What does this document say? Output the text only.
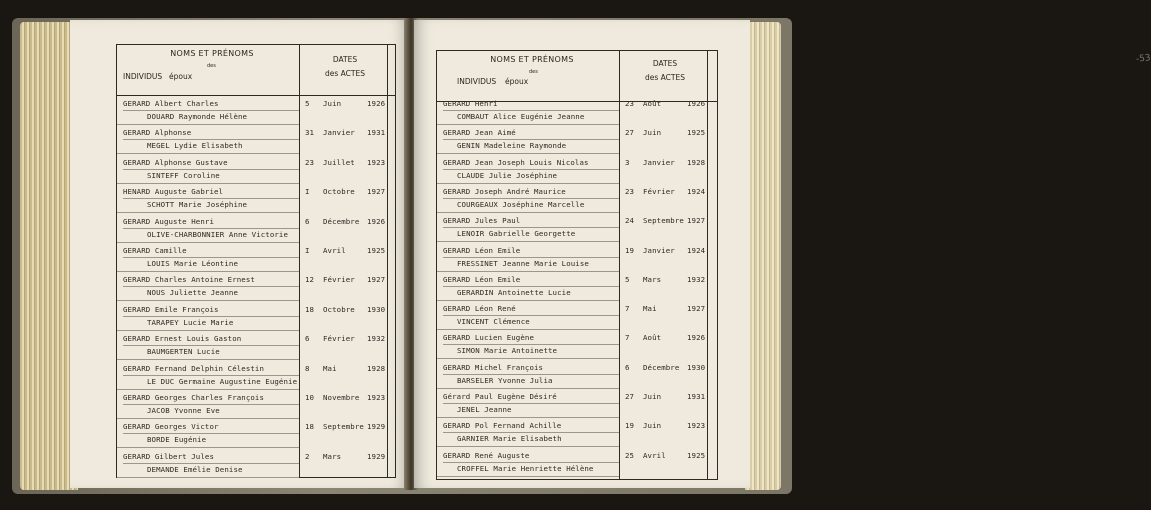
NOMS ET PRÉNOMS
des
INDIVIDUS époux
DATES
des ACTES
GERARD Albert Charles
DOUARD Raymonde Hélène
5 Juin	1926
GERARD Alphonse
MEGEL Lydie Elisabeth
31 Janvier 1931
GERARD Alphonse Gustave
SINTEFF Coroline
23 Juillet 1923
HENARD Auguste Gabriel
SCHOTT Marie Joséphine
I Octobre 1927
GERARD Auguste Henri
OLIVE-CHARBONNIER Anne Victorie
6 Décembre 1926
GERARD Camille
LOUIS Marie Léontine
I Avril	1925
GERARD Charles Antoine Ernest
NOUS Juliette Jeanne
12 Février 1927
GERARD Emile François
TARAPEY Lucie Marie
18 Octobre 1930
GERARD Ernest Louis Gaston
BAUMGERTEN Lucie
6 Février 1932
GERARD Fernand Delphin Célestin
LE DUC Germaine Augustine Eugénie
8 Mai	1928
GERARD Georges Charles François
JACOB Yvonne Eve
10 Novembre 1923
GERARD Georges Victor
BORDE Eugénie
18 Septembre 1929
GERARD Gilbert Jules
DEMANDE Emélie Denise
2 Mars	1929
-53
NOMS ET PRÉNOMS
des
INDIVIDUS époux
DATES
des ACTES
GERARD Henri
COMBAUT Alice Eugénie Jeanne
23 Août	1926
GERARD Jean Aimé
GENIN Madeleine Raymonde
27 Juin	1925
GERARD Jean Joseph Louis Nicolas
CLAUDE Julie Joséphine
3 Janvier 1928
GERARD Joseph André Maurice
COURGEAUX Joséphine Marcelle
23 Février 1924
GERARD Jules Paul
LENOIR Gabrielle Georgette
24 Septembre 1927
GERARD Léon Emile
FRESSINET Jeanne Marie Louise
19 Janvier 1924
GERARD Léon Emile
GERARDIN Antoinette Lucie
5 Mars	1932
GERARD Léon René
VINCENT Clémence
7 Mai	1927
GERARD Lucien Eugène
SIMON Marie Antoinette
7 Août	1926
GERARD Michel François
BARSELER Yvonne Julia
6 Décembre 1930
Gérard Paul Eugène Désiré
JENEL Jeanne
27 Juin	1931
GERARD Pol Fernand Achille
GARNIER Marie Elisabeth
19 Juin	1923
GERARD René Auguste
CROFFEL Marie Henriette Hélène
25 Avril	1925
